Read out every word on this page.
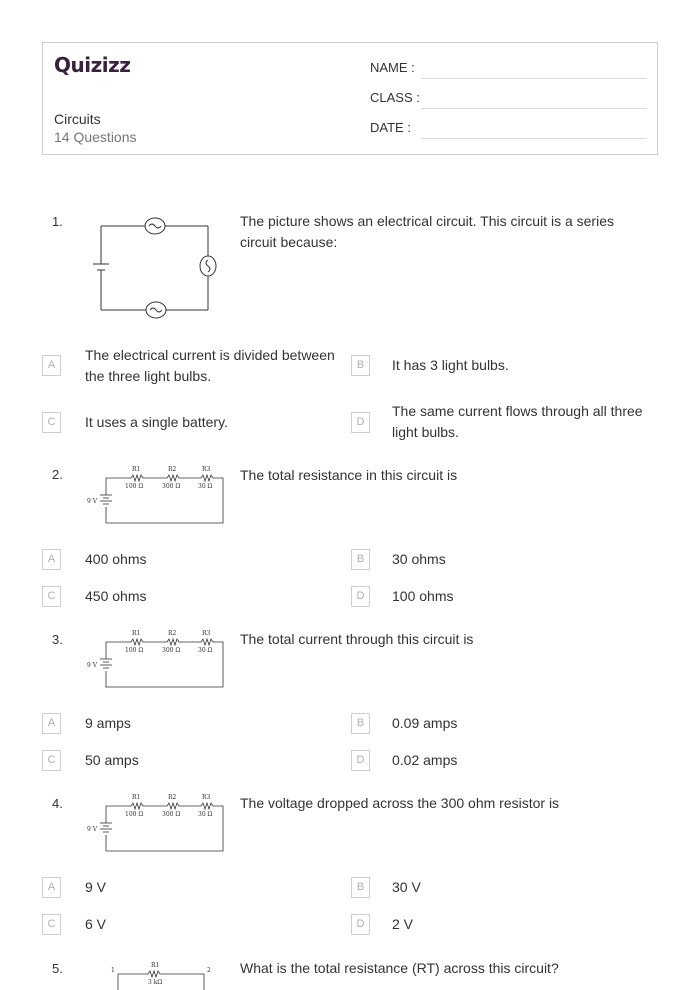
Quizizz
Circuits
14 Questions
NAME :
CLASS :
DATE :
1.	The picture shows an electrical circuit. This circuit is a series circuit because:
A
The electrical current is divided between the three light bulbs.
B	It has 3 light bulbs.
C	It uses a single battery.	D
The same current flows through all three light bulbs.
2.	R1	R2	R3
100 Ω	300 Ω	30 Ω
9 V
The total resistance in this circuit is
A	400 ohms	B	30 ohms
C	450 ohms	D	100 ohms
3.	R1	R2	R3
100 Ω	300 Ω	30 Ω
9 V
The total current through this circuit is
A	9 amps	B	0.09 amps
C	50 amps	D	0.02 amps
4.	R1	R2	R3
100 Ω	300 Ω	30 Ω
9 V
The voltage dropped across the 300 ohm resistor is
A	9 V	B	30 V
C	6 V	D	2 V
5.	1	2
R1
3 kΩ
What is the total resistance (RT) across this circuit?
